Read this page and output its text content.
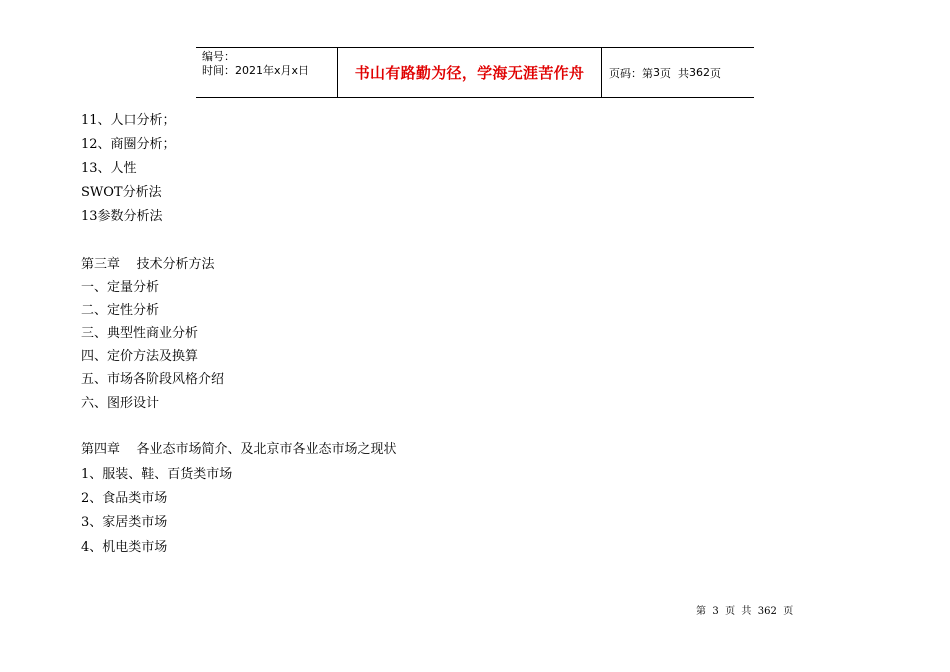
编号：
时间：2021年x月x日	书山有路勤为径，学海无涯苦作舟	页码：第 3 页  共 362 页
11、人口分析；
12、商圈分析；
13、人性
SWOT分析法
13参数分析法
第三章    技术分析方法
一、定量分析
二、定性分析
三、典型性商业分析
四、定价方法及换算
五、市场各阶段风格介绍
六、图形设计
第四章    各业态市场简介、及北京市各业态市场之现状
1、服装、鞋、百货类市场
2、食品类市场
3、家居类市场
4、机电类市场
第  3  页  共  362  页
